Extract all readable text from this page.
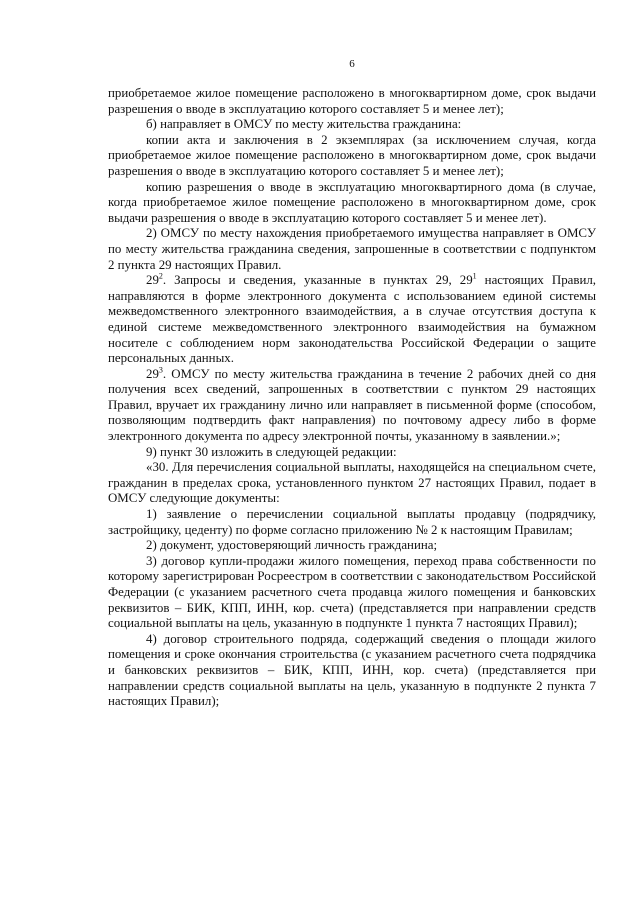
6

приобретаемое жилое помещение расположено в многоквартирном доме, срок выдачи разрешения о вводе в эксплуатацию которого составляет 5 и менее лет);

б) направляет в ОМСУ по месту жительства гражданина:

копии акта и заключения в 2 экземплярах (за исключением случая, когда приобретаемое жилое помещение расположено в многоквартирном доме, срок выдачи разрешения о вводе в эксплуатацию которого составляет 5 и менее лет);

копию разрешения о вводе в эксплуатацию многоквартирного дома (в случае, когда приобретаемое жилое помещение расположено в многоквартирном доме, срок выдачи разрешения о вводе в эксплуатацию которого составляет 5 и менее лет).

2) ОМСУ по месту нахождения приобретаемого имущества направляет в ОМСУ по месту жительства гражданина сведения, запрошенные в соответствии с подпунктом 2 пункта 29 настоящих Правил.

$29^2$. Запросы и сведения, указанные в пунктах 29, $29^1$ настоящих Правил, направляются в форме электронного документа с использованием единой системы межведомственного электронного взаимодействия, а в случае отсутствия доступа к единой системе межведомственного электронного взаимодействия на бумажном носителе с соблюдением норм законодательства Российской Федерации о защите персональных данных.

$29^3$. ОМСУ по месту жительства гражданина в течение 2 рабочих дней со дня получения всех сведений, запрошенных в соответствии с пунктом 29 настоящих Правил, вручает их гражданину лично или направляет в письменной форме (способом, позволяющим подтвердить факт направления) по почтовому адресу либо в форме электронного документа по адресу электронной почты, указанному в заявлении.»;

9) пункт 30 изложить в следующей редакции:

«30. Для перечисления социальной выплаты, находящейся на специальном счете, гражданин в пределах срока, установленного пунктом 27 настоящих Правил, подает в ОМСУ следующие документы:

1) заявление о перечислении социальной выплаты продавцу (подрядчику, застройщику, цеденту) по форме согласно приложению № 2 к настоящим Правилам;

2) документ, удостоверяющий личность гражданина;

3) договор купли-продажи жилого помещения, переход права собственности по которому зарегистрирован Росреестром в соответствии с законодательством Российской Федерации (с указанием расчетного счета продавца жилого помещения и банковских реквизитов – БИК, КПП, ИНН, кор. счета) (представляется при направлении средств социальной выплаты на цель, указанную в подпункте 1 пункта 7 настоящих Правил);

4) договор строительного подряда, содержащий сведения о площади жилого помещения и сроке окончания строительства (с указанием расчетного счета подрядчика и банковских реквизитов – БИК, КПП, ИНН, кор. счета) (представляется при направлении средств социальной выплаты на цель, указанную в подпункте 2 пункта 7 настоящих Правил);
